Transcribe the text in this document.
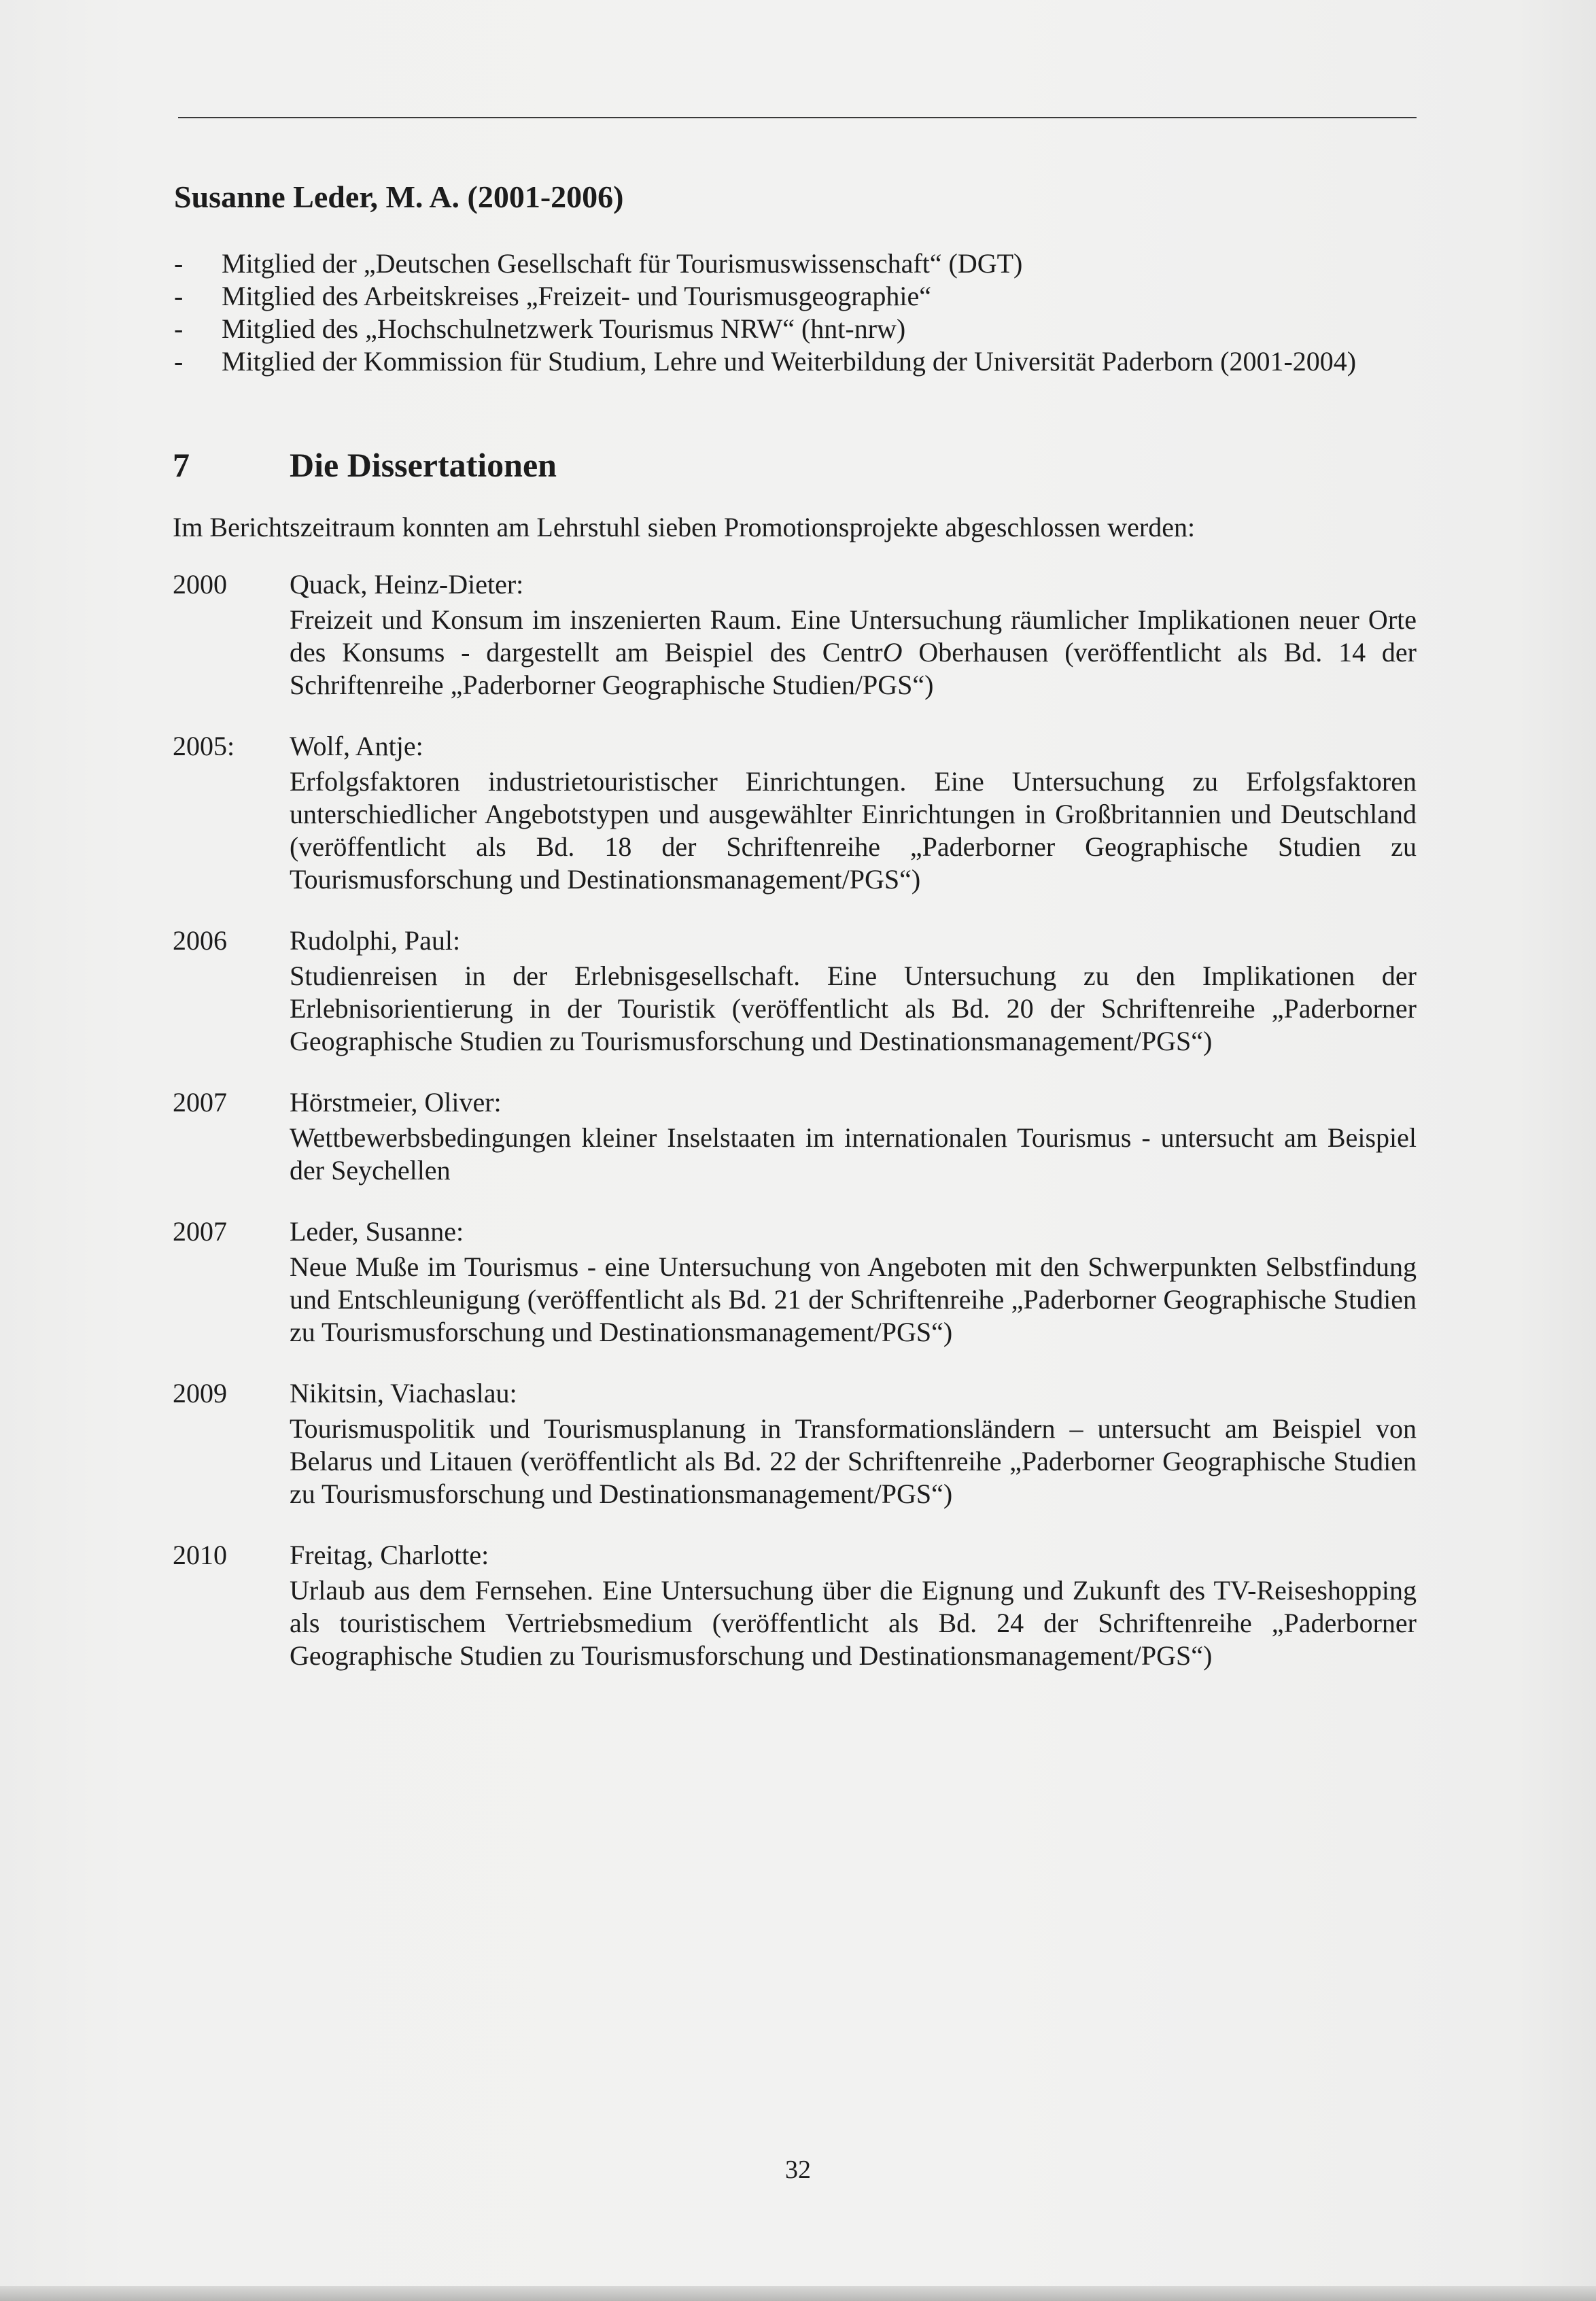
Susanne Leder, M. A. (2001-2006)
- Mitglied der „Deutschen Gesellschaft für Tourismuswissenschaft“ (DGT)
- Mitglied des Arbeitskreises „Freizeit- und Tourismusgeographie“
- Mitglied des „Hochschulnetzwerk Tourismus NRW“ (hnt-nrw)
- Mitglied der Kommission für Studium, Lehre und Weiterbildung der Universität Paderborn (2001-2004)
7	Die Dissertationen
Im Berichtszeitraum konnten am Lehrstuhl sieben Promotionsprojekte abgeschlossen werden:
2000	Quack, Heinz-Dieter:
Freizeit und Konsum im inszenierten Raum. Eine Untersuchung räumlicher Implikationen neuer Orte des Konsums - dargestellt am Beispiel des CentrO Oberhausen (veröffentlicht als Bd. 14 der Schriftenreihe „Paderborner Geographische Studien/PGS“)
2005:	Wolf, Antje:
Erfolgsfaktoren industrietouristischer Einrichtungen. Eine Untersuchung zu Erfolgsfaktoren unterschiedlicher Angebotstypen und ausgewählter Einrichtungen in Großbritannien und Deutschland (veröffentlicht als Bd. 18 der Schriftenreihe „Paderborner Geographische Studien zu Tourismusforschung und Destinationsmanagement/PGS“)
2006	Rudolphi, Paul:
Studienreisen in der Erlebnisgesellschaft. Eine Untersuchung zu den Implikationen der Erlebnisorientierung in der Touristik (veröffentlicht als Bd. 20 der Schriftenreihe „Paderborner Geographische Studien zu Tourismusforschung und Destinationsmanagement/PGS“)
2007	Hörstmeier, Oliver:
Wettbewerbsbedingungen kleiner Inselstaaten im internationalen Tourismus - untersucht am Beispiel der Seychellen
2007	Leder, Susanne:
Neue Muße im Tourismus - eine Untersuchung von Angeboten mit den Schwerpunkten Selbstfindung und Entschleunigung (veröffentlicht als Bd. 21 der Schriftenreihe „Paderborner Geographische Studien zu Tourismusforschung und Destinationsmanagement/PGS“)
2009	Nikitsin, Viachaslau:
Tourismuspolitik und Tourismusplanung in Transformationsländern – untersucht am Beispiel von Belarus und Litauen (veröffentlicht als Bd. 22 der Schriftenreihe „Paderborner Geographische Studien zu Tourismusforschung und Destinationsmanagement/PGS“)
2010	Freitag, Charlotte:
Urlaub aus dem Fernsehen. Eine Untersuchung über die Eignung und Zukunft des TV-Reiseshopping als touristischem Vertriebsmedium (veröffentlicht als Bd. 24 der Schriftenreihe „Paderborner Geographische Studien zu Tourismusforschung und Destinationsmanagement/PGS“)
32
